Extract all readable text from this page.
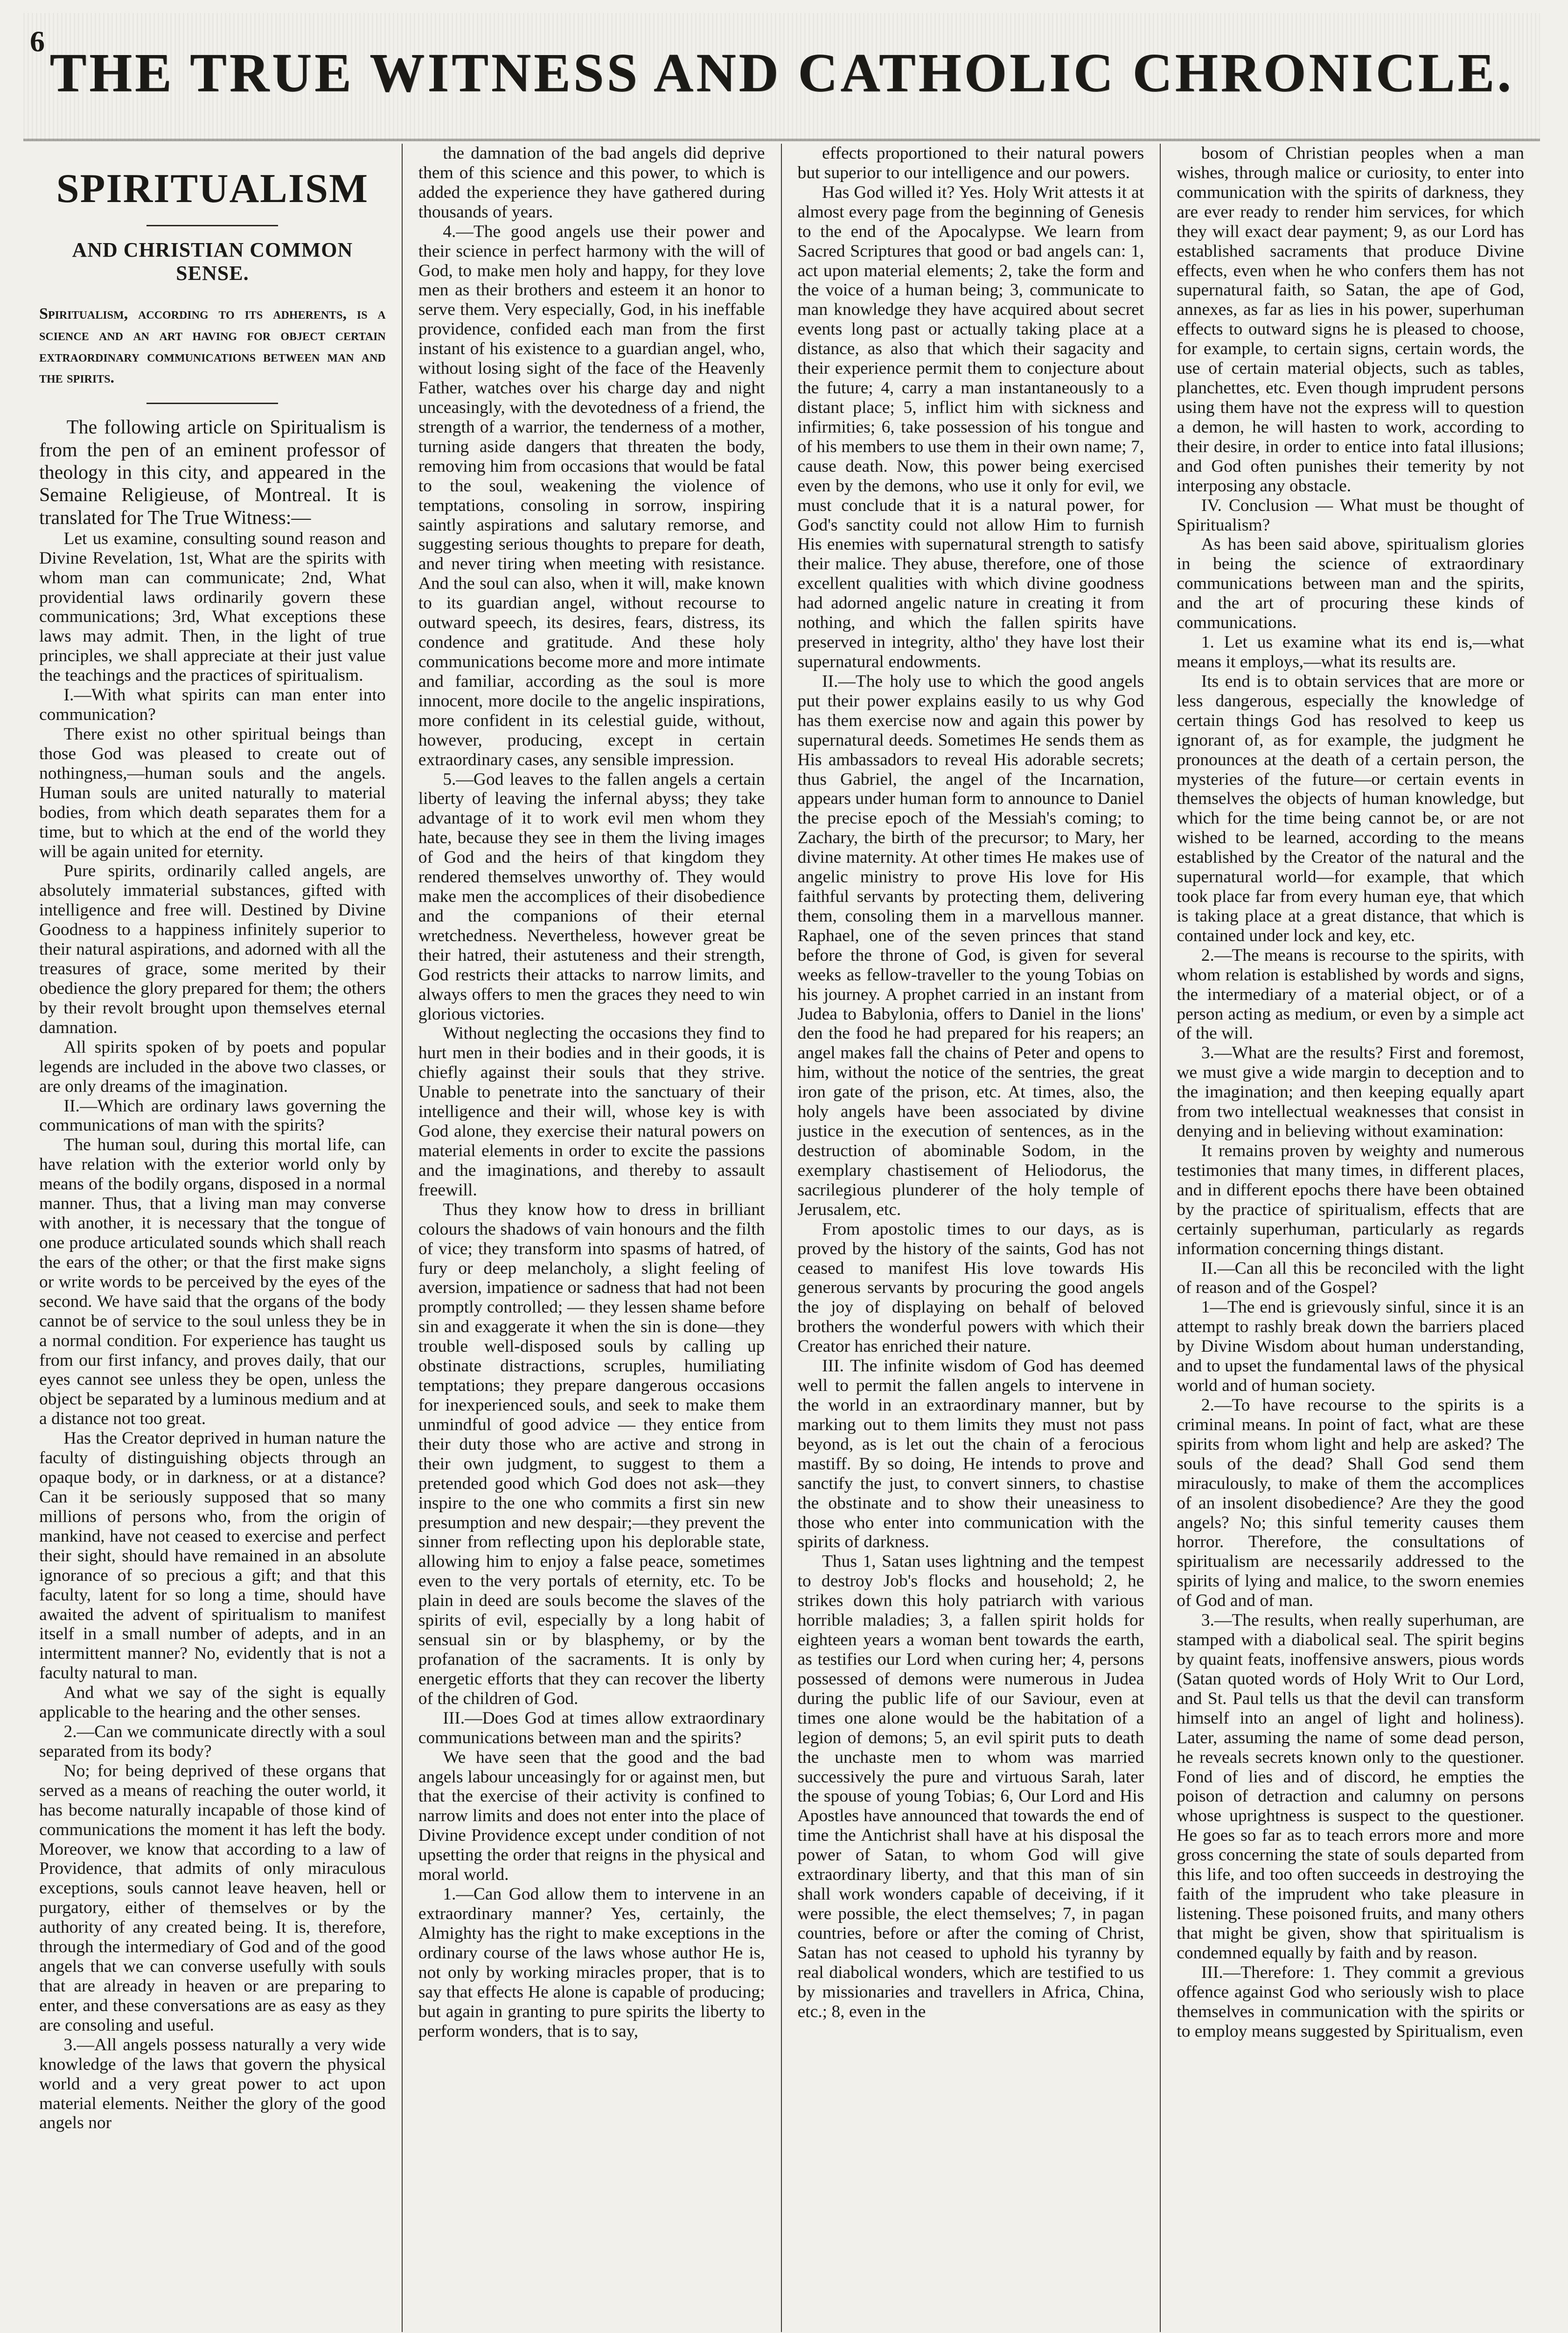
6
THE TRUE WITNESS AND CATHOLIC CHRONICLE.
SPIRITUALISM
AND CHRISTIAN COMMON SENSE.
Spiritualism, according to its adherents, is a science and an art having for object certain extraordinary communications between man and the spirits.

The following article on Spiritualism is from the pen of an eminent professor of theology in this city, and appeared in the Semaine Religieuse, of Montreal. It is translated for The True Witness:—

Let us examine, consulting sound reason and Divine Revelation, 1st, What are the spirits with whom man can communicate; 2nd, What providential laws ordinarily govern these communications; 3rd, What exceptions these laws may admit. Then, in the light of true principles, we shall appreciate at their just value the teachings and the practices of spiritualism.

I.—With what spirits can man enter into communication?

There exist no other spiritual beings than those God was pleased to create out of nothingness,—human souls and the angels. Human souls are united naturally to material bodies, from which death separates them for a time, but to which at the end of the world they will be again united for eternity.

Pure spirits, ordinarily called angels, are absolutely immaterial substances, gifted with intelligence and free will. Destined by Divine Goodness to a happiness infinitely superior to their natural aspirations, and adorned with all the treasures of grace, some merited by their obedience the glory prepared for them; the others by their revolt brought upon themselves eternal damnation.

All spirits spoken of by poets and popular legends are included in the above two classes, or are only dreams of the imagination.

II.—Which are ordinary laws governing the communications of man with the spirits?

The human soul, during this mortal life, can have relation with the exterior world only by means of the bodily organs, disposed in a normal manner. Thus, that a living man may converse with another, it is necessary that the tongue of one produce articulated sounds which shall reach the ears of the other; or that the first make signs or write words to be perceived by the eyes of the second. We have said that the organs of the body cannot be of service to the soul unless they be in a normal condition. For experience has taught us from our first infancy, and proves daily, that our eyes cannot see unless they be open, unless the object be separated by a luminous medium and at a distance not too great.

Has the Creator deprived in human nature the faculty of distinguishing objects through an opaque body, or in darkness, or at a distance? Can it be seriously supposed that so many millions of persons who, from the origin of mankind, have not ceased to exercise and perfect their sight, should have remained in an absolute ignorance of so precious a gift; and that this faculty, latent for so long a time, should have awaited the advent of spiritualism to manifest itself in a small number of adepts, and in an intermittent manner? No, evidently that is not a faculty natural to man.

And what we say of the sight is equally applicable to the hearing and the other senses.

2.—Can we communicate directly with a soul separated from its body?

No; for being deprived of these organs that served as a means of reaching the outer world, it has become naturally incapable of those kind of communications the moment it has left the body. Moreover, we know that according to a law of Providence, that admits of only miraculous exceptions, souls cannot leave heaven, hell or purgatory, either of themselves or by the authority of any created being. It is, therefore, through the intermediary of God and of the good angels that we can converse usefully with souls that are already in heaven or are preparing to enter, and these conversations are as easy as they are consoling and useful.

3.—All angels possess naturally a very wide knowledge of the laws that govern the physical world and a very great power to act upon material elements. Neither the glory of the good angels nor

the damnation of the bad angels did deprive them of this science and this power, to which is added the experience they have gathered during thousands of years.

4.—The good angels use their power and their science in perfect harmony with the will of God, to make men holy and happy, for they love men as their brothers and esteem it an honor to serve them. Very especially, God, in his ineffable providence, confided each man from the first instant of his existence to a guardian angel, who, without losing sight of the face of the Heavenly Father, watches over his charge day and night unceasingly, with the devotedness of a friend, the strength of a warrior, the tenderness of a mother, turning aside dangers that threaten the body, removing him from occasions that would be fatal to the soul, weakening the violence of temptations, consoling in sorrow, inspiring saintly aspirations and salutary remorse, and suggesting serious thoughts to prepare for death, and never tiring when meeting with resistance. And the soul can also, when it will, make known to its guardian angel, without recourse to outward speech, its desires, fears, distress, its condence and gratitude. And these holy communications become more and more intimate and familiar, according as the soul is more innocent, more docile to the angelic inspirations, more confident in its celestial guide, without, however, producing, except in certain extraordinary cases, any sensible impression.

5.—God leaves to the fallen angels a certain liberty of leaving the infernal abyss; they take advantage of it to work evil men whom they hate, because they see in them the living images of God and the heirs of that kingdom they rendered themselves unworthy of. They would make men the accomplices of their disobedience and the companions of their eternal wretchedness. Nevertheless, however great be their hatred, their astuteness and their strength, God restricts their attacks to narrow limits, and always offers to men the graces they need to win glorious victories.

Without neglecting the occasions they find to hurt men in their bodies and in their goods, it is chiefly against their souls that they strive. Unable to penetrate into the sanctuary of their intelligence and their will, whose key is with God alone, they exercise their natural powers on material elements in order to excite the passions and the imaginations, and thereby to assault freewill.

Thus they know how to dress in brilliant colours the shadows of vain honours and the filth of vice; they transform into spasms of hatred, of fury or deep melancholy, a slight feeling of aversion, impatience or sadness that had not been promptly controlled; — they lessen shame before sin and exaggerate it when the sin is done—they trouble well-disposed souls by calling up obstinate distractions, scruples, humiliating temptations; they prepare dangerous occasions for inexperienced souls, and seek to make them unmindful of good advice — they entice from their duty those who are active and strong in their own judgment, to suggest to them a pretended good which God does not ask—they inspire to the one who commits a first sin new presumption and new despair;—they prevent the sinner from reflecting upon his deplorable state, allowing him to enjoy a false peace, sometimes even to the very portals of eternity, etc. To be plain in deed are souls become the slaves of the spirits of evil, especially by a long habit of sensual sin or by blasphemy, or by the profanation of the sacraments. It is only by energetic efforts that they can recover the liberty of the children of God.

III.—Does God at times allow extraordinary communications between man and the spirits?

We have seen that the good and the bad angels labour unceasingly for or against men, but that the exercise of their activity is confined to narrow limits and does not enter into the place of Divine Providence except under condition of not upsetting the order that reigns in the physical and moral world.

1.—Can God allow them to intervene in an extraordinary manner? Yes, certainly, the Almighty has the right to make exceptions in the ordinary course of the laws whose author He is, not only by working miracles proper, that is to say that effects He alone is capable of producing; but again in granting to pure spirits the liberty to perform wonders, that is to say,

effects proportioned to their natural powers but superior to our intelligence and our powers.

Has God willed it? Yes. Holy Writ attests it at almost every page from the beginning of Genesis to the end of the Apocalypse. We learn from Sacred Scriptures that good or bad angels can: 1, act upon material elements; 2, take the form and the voice of a human being; 3, communicate to man knowledge they have acquired about secret events long past or actually taking place at a distance, as also that which their sagacity and their experience permit them to conjecture about the future; 4, carry a man instantaneously to a distant place; 5, inflict him with sickness and infirmities; 6, take possession of his tongue and of his members to use them in their own name; 7, cause death. Now, this power being exercised even by the demons, who use it only for evil, we must conclude that it is a natural power, for God's sanctity could not allow Him to furnish His enemies with supernatural strength to satisfy their malice. They abuse, therefore, one of those excellent qualities with which divine goodness had adorned angelic nature in creating it from nothing, and which the fallen spirits have preserved in integrity, altho' they have lost their supernatural endowments.

II.—The holy use to which the good angels put their power explains easily to us why God has them exercise now and again this power by supernatural deeds. Sometimes He sends them as His ambassadors to reveal His adorable secrets; thus Gabriel, the angel of the Incarnation, appears under human form to announce to Daniel the precise epoch of the Messiah's coming; to Zachary, the birth of the precursor; to Mary, her divine maternity. At other times He makes use of angelic ministry to prove His love for His faithful servants by protecting them, delivering them, consoling them in a marvellous manner. Raphael, one of the seven princes that stand before the throne of God, is given for several weeks as fellow-traveller to the young Tobias on his journey. A prophet carried in an instant from Judea to Babylonia, offers to Daniel in the lions' den the food he had prepared for his reapers; an angel makes fall the chains of Peter and opens to him, without the notice of the sentries, the great iron gate of the prison, etc. At times, also, the holy angels have been associated by divine justice in the execution of sentences, as in the destruction of abominable Sodom, in the exemplary chastisement of Heliodorus, the sacrilegious plunderer of the holy temple of Jerusalem, etc.

From apostolic times to our days, as is proved by the history of the saints, God has not ceased to manifest His love towards His generous servants by procuring the good angels the joy of displaying on behalf of beloved brothers the wonderful powers with which their Creator has enriched their nature.

III. The infinite wisdom of God has deemed well to permit the fallen angels to intervene in the world in an extraordinary manner, but by marking out to them limits they must not pass beyond, as is let out the chain of a ferocious mastiff. By so doing, He intends to prove and sanctify the just, to convert sinners, to chastise the obstinate and to show their uneasiness to those who enter into communication with the spirits of darkness.

Thus 1, Satan uses lightning and the tempest to destroy Job's flocks and household; 2, he strikes down this holy patriarch with various horrible maladies; 3, a fallen spirit holds for eighteen years a woman bent towards the earth, as testifies our Lord when curing her; 4, persons possessed of demons were numerous in Judea during the public life of our Saviour, even at times one alone would be the habitation of a legion of demons; 5, an evil spirit puts to death the unchaste men to whom was married successively the pure and virtuous Sarah, later the spouse of young Tobias; 6, Our Lord and His Apostles have announced that towards the end of time the Antichrist shall have at his disposal the power of Satan, to whom God will give extraordinary liberty, and that this man of sin shall work wonders capable of deceiving, if it were possible, the elect themselves; 7, in pagan countries, before or after the coming of Christ, Satan has not ceased to uphold his tyranny by real diabolical wonders, which are testified to us by missionaries and travellers in Africa, China, etc.; 8, even in the

bosom of Christian peoples when a man wishes, through malice or curiosity, to enter into communication with the spirits of darkness, they are ever ready to render him services, for which they will exact dear payment; 9, as our Lord has established sacraments that produce Divine effects, even when he who confers them has not supernatural faith, so Satan, the ape of God, annexes, as far as lies in his power, superhuman effects to outward signs he is pleased to choose, for example, to certain signs, certain words, the use of certain material objects, such as tables, planchettes, etc. Even though imprudent persons using them have not the express will to question a demon, he will hasten to work, according to their desire, in order to entice into fatal illusions; and God often punishes their temerity by not interposing any obstacle.

IV. Conclusion — What must be thought of Spiritualism?

As has been said above, spiritualism glories in being the science of extraordinary communications between man and the spirits, and the art of procuring these kinds of communications.

1. Let us examine what its end is,—what means it employs,—what its results are.

Its end is to obtain services that are more or less dangerous, especially the knowledge of certain things God has resolved to keep us ignorant of, as for example, the judgment he pronounces at the death of a certain person, the mysteries of the future—or certain events in themselves the objects of human knowledge, but which for the time being cannot be, or are not wished to be learned, according to the means established by the Creator of the natural and the supernatural world—for example, that which took place far from every human eye, that which is taking place at a great distance, that which is contained under lock and key, etc.

2.—The means is recourse to the spirits, with whom relation is established by words and signs, the intermediary of a material object, or of a person acting as medium, or even by a simple act of the will.

3.—What are the results? First and foremost, we must give a wide margin to deception and to the imagination; and then keeping equally apart from two intellectual weaknesses that consist in denying and in believing without examination:

It remains proven by weighty and numerous testimonies that many times, in different places, and in different epochs there have been obtained by the practice of spiritualism, effects that are certainly superhuman, particularly as regards information concerning things distant.

II.—Can all this be reconciled with the light of reason and of the Gospel?

1—The end is grievously sinful, since it is an attempt to rashly break down the barriers placed by Divine Wisdom about human understanding, and to upset the fundamental laws of the physical world and of human society.

2.—To have recourse to the spirits is a criminal means. In point of fact, what are these spirits from whom light and help are asked? The souls of the dead? Shall God send them miraculously, to make of them the accomplices of an insolent disobedience? Are they the good angels? No; this sinful temerity causes them horror. Therefore, the consultations of spiritualism are necessarily addressed to the spirits of lying and malice, to the sworn enemies of God and of man.

3.—The results, when really superhuman, are stamped with a diabolical seal. The spirit begins by quaint feats, inoffensive answers, pious words (Satan quoted words of Holy Writ to Our Lord, and St. Paul tells us that the devil can transform himself into an angel of light and holiness). Later, assuming the name of some dead person, he reveals secrets known only to the questioner. Fond of lies and of discord, he empties the poison of detraction and calumny on persons whose uprightness is suspect to the questioner. He goes so far as to teach errors more and more gross concerning the state of souls departed from this life, and too often succeeds in destroying the faith of the imprudent who take pleasure in listening. These poisoned fruits, and many others that might be given, show that spiritualism is condemned equally by faith and by reason.

III.—Therefore: 1. They commit a grevious offence against God who seriously wish to place themselves in communication with the spirits or to employ means suggested by Spiritualism, even
